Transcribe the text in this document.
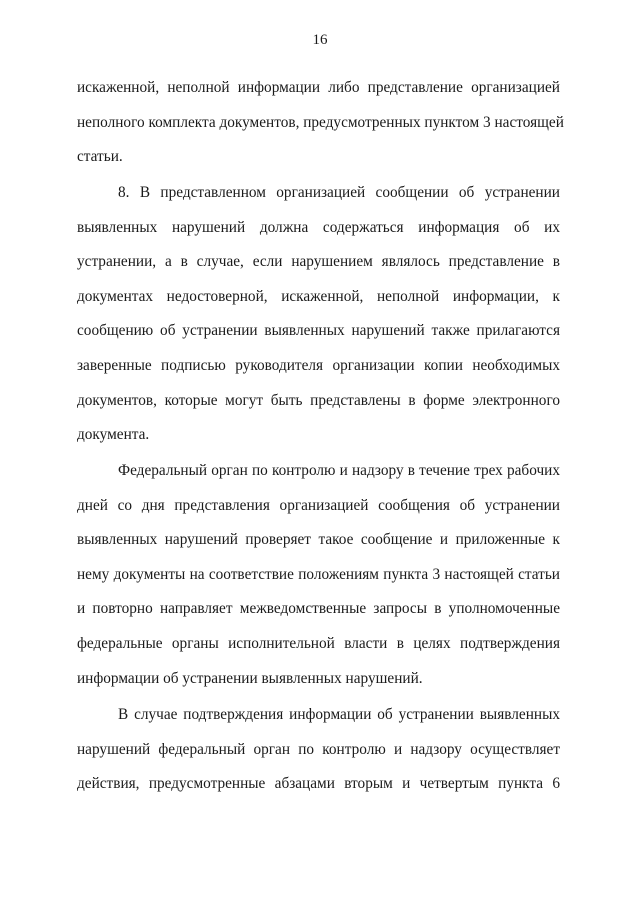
16
искаженной, неполной информации либо представление организацией
неполного комплекта документов, предусмотренных пунктом 3 настоящей
статьи.
8. В представленном организацией сообщении об устранении
выявленных нарушений должна содержаться информация об их
устранении, а в случае, если нарушением являлось представление в
документах недостоверной, искаженной, неполной информации, к
сообщению об устранении выявленных нарушений также прилагаются
заверенные подписью руководителя организации копии необходимых
документов, которые могут быть представлены в форме электронного
документа.
Федеральный орган по контролю и надзору в течение трех рабочих
дней со дня представления организацией сообщения об устранении
выявленных нарушений проверяет такое сообщение и приложенные к
нему документы на соответствие положениям пункта 3 настоящей статьи
и повторно направляет межведомственные запросы в уполномоченные
федеральные органы исполнительной власти в целях подтверждения
информации об устранении выявленных нарушений.
В случае подтверждения информации об устранении выявленных
нарушений федеральный орган по контролю и надзору осуществляет
действия, предусмотренные абзацами вторым и четвертым пункта 6
